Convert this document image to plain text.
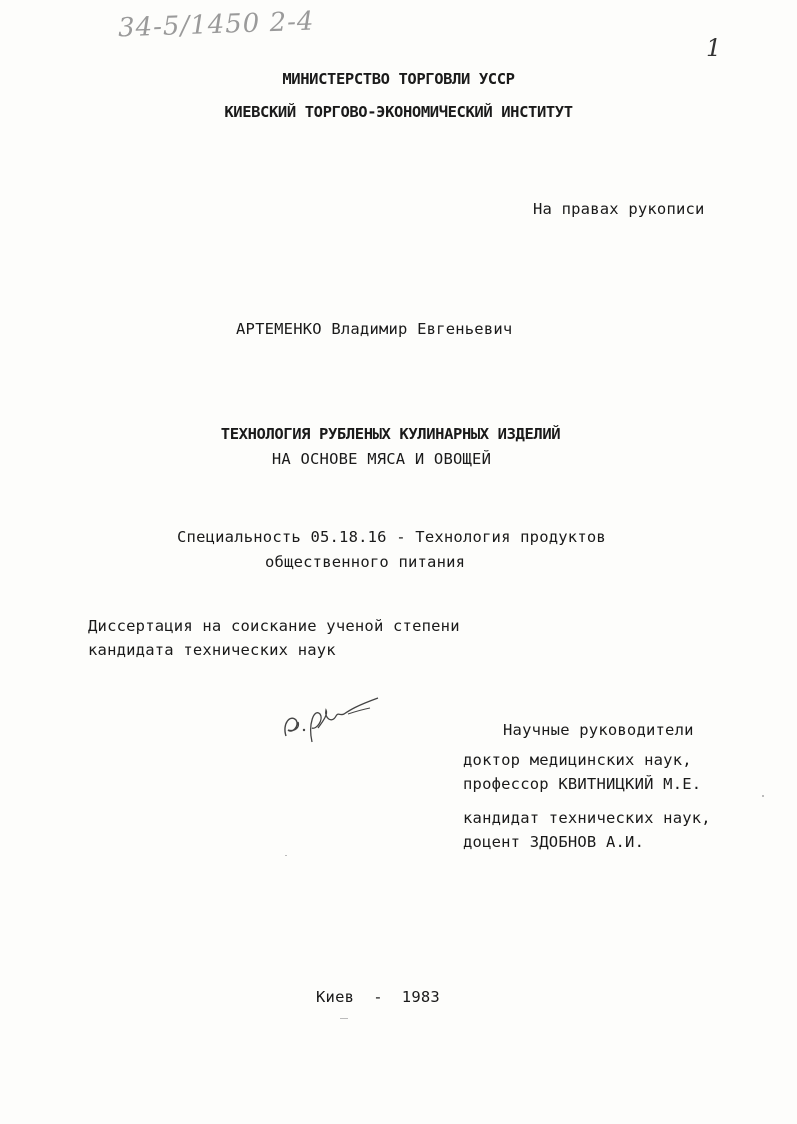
34-5/1450 2-4
1
МИНИСТЕРСТВО ТОРГОВЛИ УССР
КИЕВСКИЙ ТОРГОВО-ЭКОНОМИЧЕСКИЙ ИНСТИТУТ
На правах рукописи
АРТЕМЕНКО Владимир Евгеньевич
ТЕХНОЛОГИЯ РУБЛЕНЫХ КУЛИНАРНЫХ ИЗДЕЛИЙ
НА ОСНОВЕ МЯСА И ОВОЩЕЙ
Специальность 05.18.16 - Технология продуктов
общественного питания
Диссертация на соискание ученой степени
кандидата технических наук
Научные руководители
доктор медицинских наук,
профессор КВИТНИЦКИЙ М.Е.
кандидат технических наук,
доцент ЗДОБНОВ А.И.
Киев  -  1983
